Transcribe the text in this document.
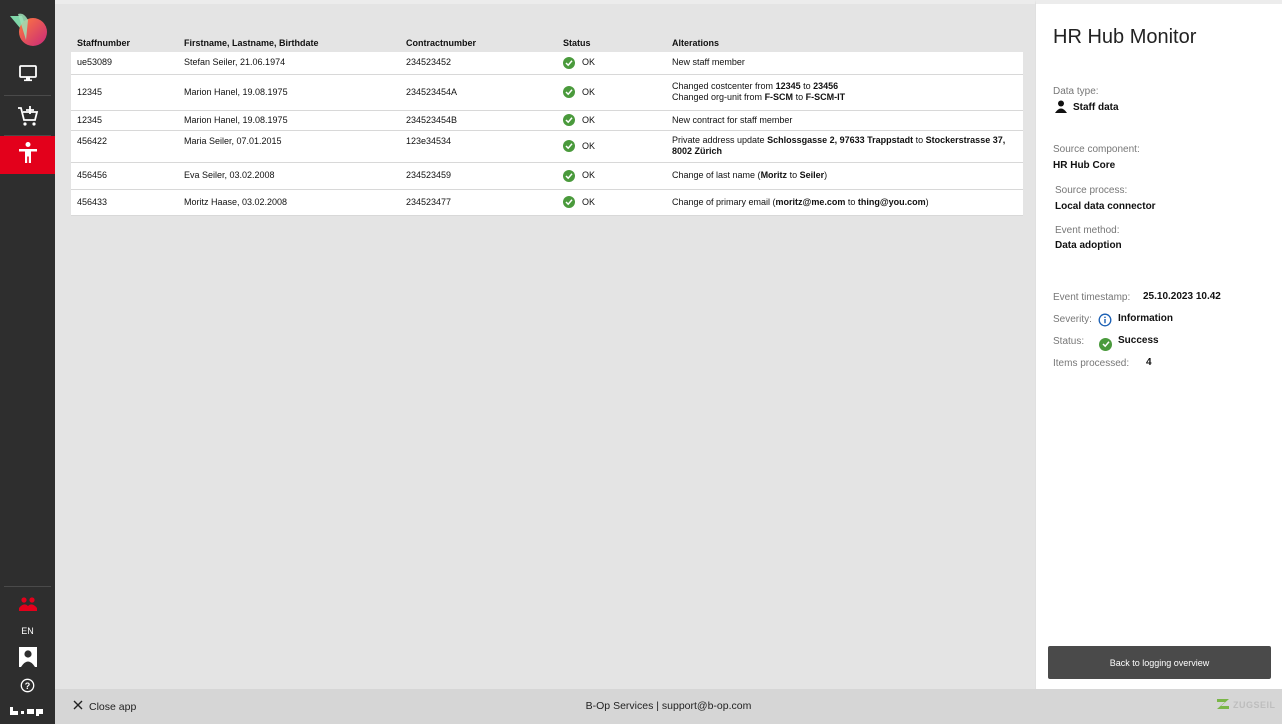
EN
?
Staffnumber	Firstname, Lastname, Birthdate	Contractnumber	Status	Alterations
ue53089	Stefan Seiler, 21.06.1974	234523452	OK	New staff member
12345	Marion Hanel, 19.08.1975	234523454A	OK	Changed costcenter from 12345 to 23456
Changed org-unit from F-SCM to F-SCM-IT

12345	Marion Hanel, 19.08.1975	234523454B	OK	New contract for staff member
456422	Maria Seiler, 07.01.2015	123e34534	OK	Private address update Schlossgasse 2, 97633 Trappstadt to Stockerstrasse 37, 8002 Zürich
456456	Eva Seiler, 03.02.2008	234523459	OK	Change of last name (Moritz to Seiler)
456433	Moritz Haase, 03.02.2008	234523477	OK	Change of primary email (moritz@me.com to thing@you.com)
HR Hub Monitor
Data type:
Staff data
Source component:
HR Hub Core
Source process:
Local data connector
Event method:
Data adoption
Event timestamp: 25.10.2023 10.42
Severity:	Information
Status:	Success
Items processed: 4
Back to logging overview
Close app	B-Op Services | support@b-op.com	ZUGSEIL
